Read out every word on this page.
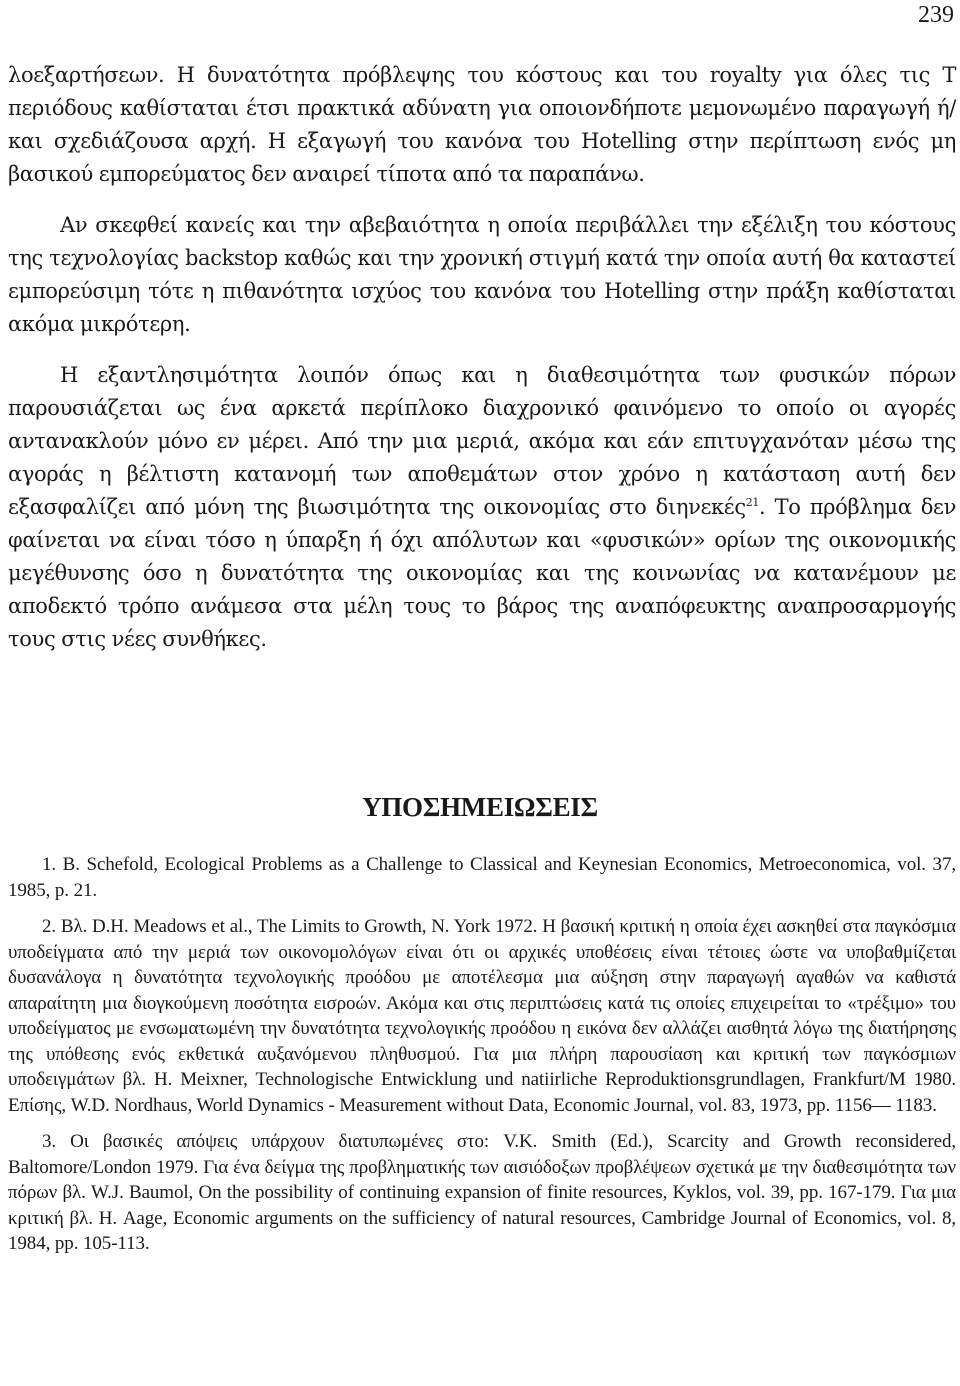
239

λοεξαρτήσεων. Η δυνατότητα πρόβλεψης του κόστους και του royalty για όλες τις Τ περιόδους καθίσταται έτσι πρακτικά αδύνατη για οποιονδήποτε μεμονωμένο παραγωγή ή/και σχεδιάζουσα αρχή. Η εξαγωγή του κανόνα του Hotelling στην περίπτωση ενός μη βασικού εμπορεύματος δεν αναιρεί τίποτα από τα παραπάνω.

Αν σκεφθεί κανείς και την αβεβαιότητα η οποία περιβάλλει την εξέλιξη του κόστους της τεχνολογίας backstop καθώς και την χρονική στιγμή κατά την οποία αυτή θα καταστεί εμπορεύσιμη τότε η πιθανότητα ισχύος του κανόνα του Hotelling στην πράξη καθίσταται ακόμα μικρότερη.

Η εξαντλησιμότητα λοιπόν όπως και η διαθεσιμότητα των φυσικών πόρων παρουσιάζεται ως ένα αρκετά περίπλοκο διαχρονικό φαινόμενο το οποίο οι αγορές αντανακλούν μόνο εν μέρει. Από την μια μεριά, ακόμα και εάν επιτυγχανόταν μέσω της αγοράς η βέλτιστη κατανομή των αποθεμάτων στον χρόνο η κατάσταση αυτή δεν εξασφαλίζει από μόνη της βιωσιμότητα της οικονομίας στο διηνεκές$^{21}$. Το πρόβλημα δεν φαίνεται να είναι τόσο η ύπαρξη ή όχι απόλυτων και «φυσικών» ορίων της οικονομικής μεγέθυνσης όσο η δυνατότητα της οικονομίας και της κοινωνίας να κατανέμουν με αποδεκτό τρόπο ανάμεσα στα μέλη τους το βάρος της αναπόφευκτης αναπροσαρμογής τους στις νέες συνθήκες.

ΥΠΟΣΗΜΕΙΩΣΕΙΣ

1. Β. Schefold, Ecological Problems as a Challenge to Classical and Keynesian Economics, Metroeconomica, vol. 37, 1985, p. 21.

2. Βλ. D.H. Meadows et al., The Limits to Growth, N. York 1972. Η βασική κριτική η οποία έχει ασκηθεί στα παγκόσμια υποδείγματα από την μεριά των οικονομολόγων είναι ότι οι αρχικές υποθέσεις είναι τέτοιες ώστε να υποβαθμίζεται δυσανάλογα η δυνατότητα τεχνολογικής προόδου με αποτέλεσμα μια αύξηση στην παραγωγή αγαθών να καθιστά απαραίτητη μια διογκούμενη ποσότητα εισροών. Ακόμα και στις περιπτώσεις κατά τις οποίες επιχειρείται το «τρέξιμο» του υποδείγματος με ενσωματωμένη την δυνατότητα τεχνολογικής προόδου η εικόνα δεν αλλάζει αισθητά λόγω της διατήρησης της υπόθεσης ενός εκθετικά αυξανόμενου πληθυσμού. Για μια πλήρη παρουσίαση και κριτική των παγκόσμιων υποδειγμάτων βλ. Η. Meixner, Technologische Entwicklung und natiirliche Reproduktionsgrundlagen, Frankfurt/M 1980. Επίσης, W.D. Nordhaus, World Dynamics - Measurement without Data, Economic Journal, vol. 83, 1973, pp. 1156— 1183.

3. Οι βασικές απόψεις υπάρχουν διατυπωμένες στο: V.K. Smith (Ed.), Scarcity and Growth reconsidered, Baltomore/London 1979. Για ένα δείγμα της προβληματικής των αισιόδοξων προβλέψεων σχετικά με την διαθεσιμότητα των πόρων βλ. W.J. Baumol, On the possibility of continuing expansion of finite resources, Kyklos, vol. 39, pp. 167-179. Για μια κριτική βλ. Η. Aage, Economic arguments on the sufficiency of natural resources, Cambridge Journal of Economics, vol. 8, 1984, pp. 105-113.
